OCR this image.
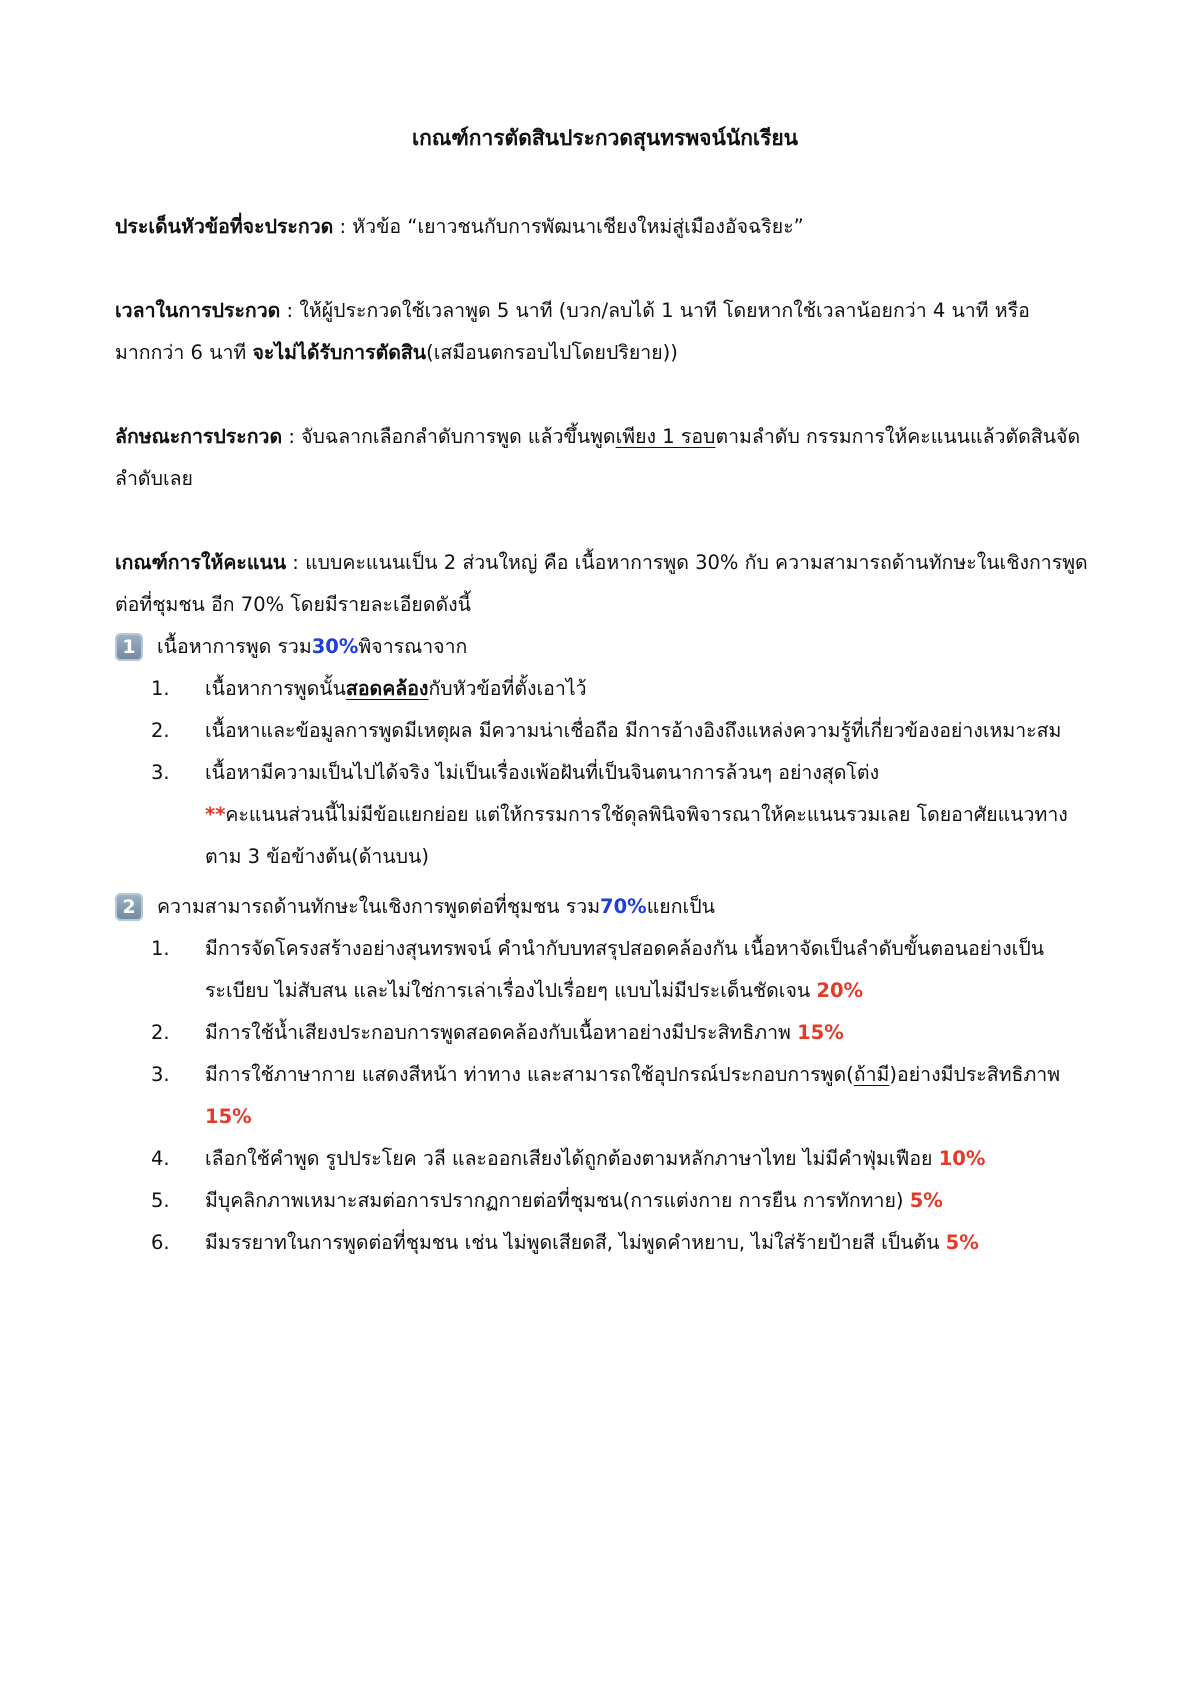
เกณฑ์การตัดสินประกวดสุนทรพจน์นักเรียน
ประเด็นหัวข้อที่จะประกวด : หัวข้อ “เยาวชนกับการพัฒนาเชียงใหม่สู่เมืองอัจฉริยะ”
เวลาในการประกวด : ให้ผู้ประกวดใช้เวลาพูด 5 นาที (บวก/ลบได้ 1 นาที โดยหากใช้เวลาน้อยกว่า 4 นาที หรือมากกว่า 6 นาที จะไม่ได้รับการตัดสิน(เสมือนตกรอบไปโดยปริยาย))
ลักษณะการประกวด : จับฉลากเลือกลำดับการพูด แล้วขึ้นพูดเพียง 1 รอบตามลำดับ กรรมการให้คะแนนแล้วตัดสินจัดลำดับเลย
เกณฑ์การให้คะแนน : แบบคะแนนเป็น 2 ส่วนใหญ่ คือ เนื้อหาการพูด 30% กับ ความสามารถด้านทักษะในเชิงการพูดต่อที่ชุมชน อีก 70% โดยมีรายละเอียดดังนี้
1	เนื้อหาการพูด รวม 30% พิจารณาจาก
1.	เนื้อหาการพูดนั้นสอดคล้องกับหัวข้อที่ตั้งเอาไว้
2.	เนื้อหาและข้อมูลการพูดมีเหตุผล มีความน่าเชื่อถือ มีการอ้างอิงถึงแหล่งความรู้ที่เกี่ยวข้องอย่างเหมาะสม
3.	เนื้อหามีความเป็นไปได้จริง ไม่เป็นเรื่องเพ้อฝันที่เป็นจินตนาการล้วนๆ อย่างสุดโต่ง
**คะแนนส่วนนี้ไม่มีข้อแยกย่อย แต่ให้กรรมการใช้ดุลพินิจพิจารณาให้คะแนนรวมเลย โดยอาศัยแนวทางตาม 3 ข้อข้างต้น(ด้านบน)
2	ความสามารถด้านทักษะในเชิงการพูดต่อที่ชุมชน รวม 70% แยกเป็น
1.	มีการจัดโครงสร้างอย่างสุนทรพจน์ คำนำกับบทสรุปสอดคล้องกัน เนื้อหาจัดเป็นลำดับขั้นตอนอย่างเป็นระเบียบ ไม่สับสน และไม่ใช่การเล่าเรื่องไปเรื่อยๆ แบบไม่มีประเด็นชัดเจน 20%
2.	มีการใช้น้ำเสียงประกอบการพูดสอดคล้องกับเนื้อหาอย่างมีประสิทธิภาพ 15%
3.	มีการใช้ภาษากาย แสดงสีหน้า ท่าทาง และสามารถใช้อุปกรณ์ประกอบการพูด(ถ้ามี)อย่างมีประสิทธิภาพ 15%
4.	เลือกใช้คำพูด รูปประโยค วลี และออกเสียงได้ถูกต้องตามหลักภาษาไทย ไม่มีคำฟุ่มเฟือย 10%
5.	มีบุคลิกภาพเหมาะสมต่อการปรากฏกายต่อที่ชุมชน(การแต่งกาย การยืน การทักทาย) 5%
6.	มีมรรยาทในการพูดต่อที่ชุมชน เช่น ไม่พูดเสียดสี, ไม่พูดคำหยาบ, ไม่ใส่ร้ายป้ายสี เป็นต้น 5%
